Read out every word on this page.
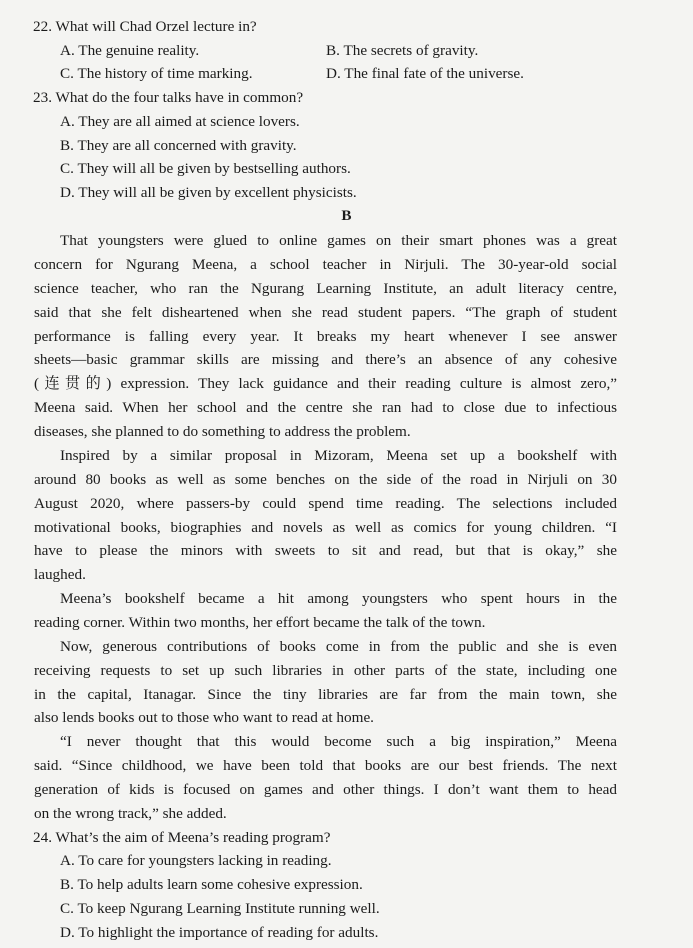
22. What will Chad Orzel lecture in?
A. The genuine reality.	B. The secrets of gravity.
C. The history of time marking.	D. The final fate of the universe.
23. What do the four talks have in common?
A. They are all aimed at science lovers.
B. They are all concerned with gravity.
C. They will all be given by bestselling authors.
D. They will all be given by excellent physicists.
B
That youngsters were glued to online games on their smart phones was a great
concern for Ngurang Meena, a school teacher in Nirjuli. The 30-year-old social
science teacher, who ran the Ngurang Learning Institute, an adult literacy centre,
said that she felt disheartened when she read student papers. “The graph of student
performance is falling every year. It breaks my heart whenever I see answer
sheets—basic grammar skills are missing and there’s an absence of any cohesive
(连贯的) expression. They lack guidance and their reading culture is almost zero,”
Meena said. When her school and the centre she ran had to close due to infectious
diseases, she planned to do something to address the problem.
Inspired by a similar proposal in Mizoram, Meena set up a bookshelf with
around 80 books as well as some benches on the side of the road in Nirjuli on 30
August 2020, where passers-by could spend time reading. The selections included
motivational books, biographies and novels as well as comics for young children. “I
have to please the minors with sweets to sit and read, but that is okay,” she
laughed.
Meena’s bookshelf became a hit among youngsters who spent hours in the
reading corner. Within two months, her effort became the talk of the town.
Now, generous contributions of books come in from the public and she is even
receiving requests to set up such libraries in other parts of the state, including one
in the capital, Itanagar. Since the tiny libraries are far from the main town, she
also lends books out to those who want to read at home.
“I never thought that this would become such a big inspiration,” Meena
said. “Since childhood, we have been told that books are our best friends. The next
generation of kids is focused on games and other things. I don’t want them to head
on the wrong track,” she added.
24. What’s the aim of Meena’s reading program?
A. To care for youngsters lacking in reading.
B. To help adults learn some cohesive expression.
C. To keep Ngurang Learning Institute running well.
D. To highlight the importance of reading for adults.
